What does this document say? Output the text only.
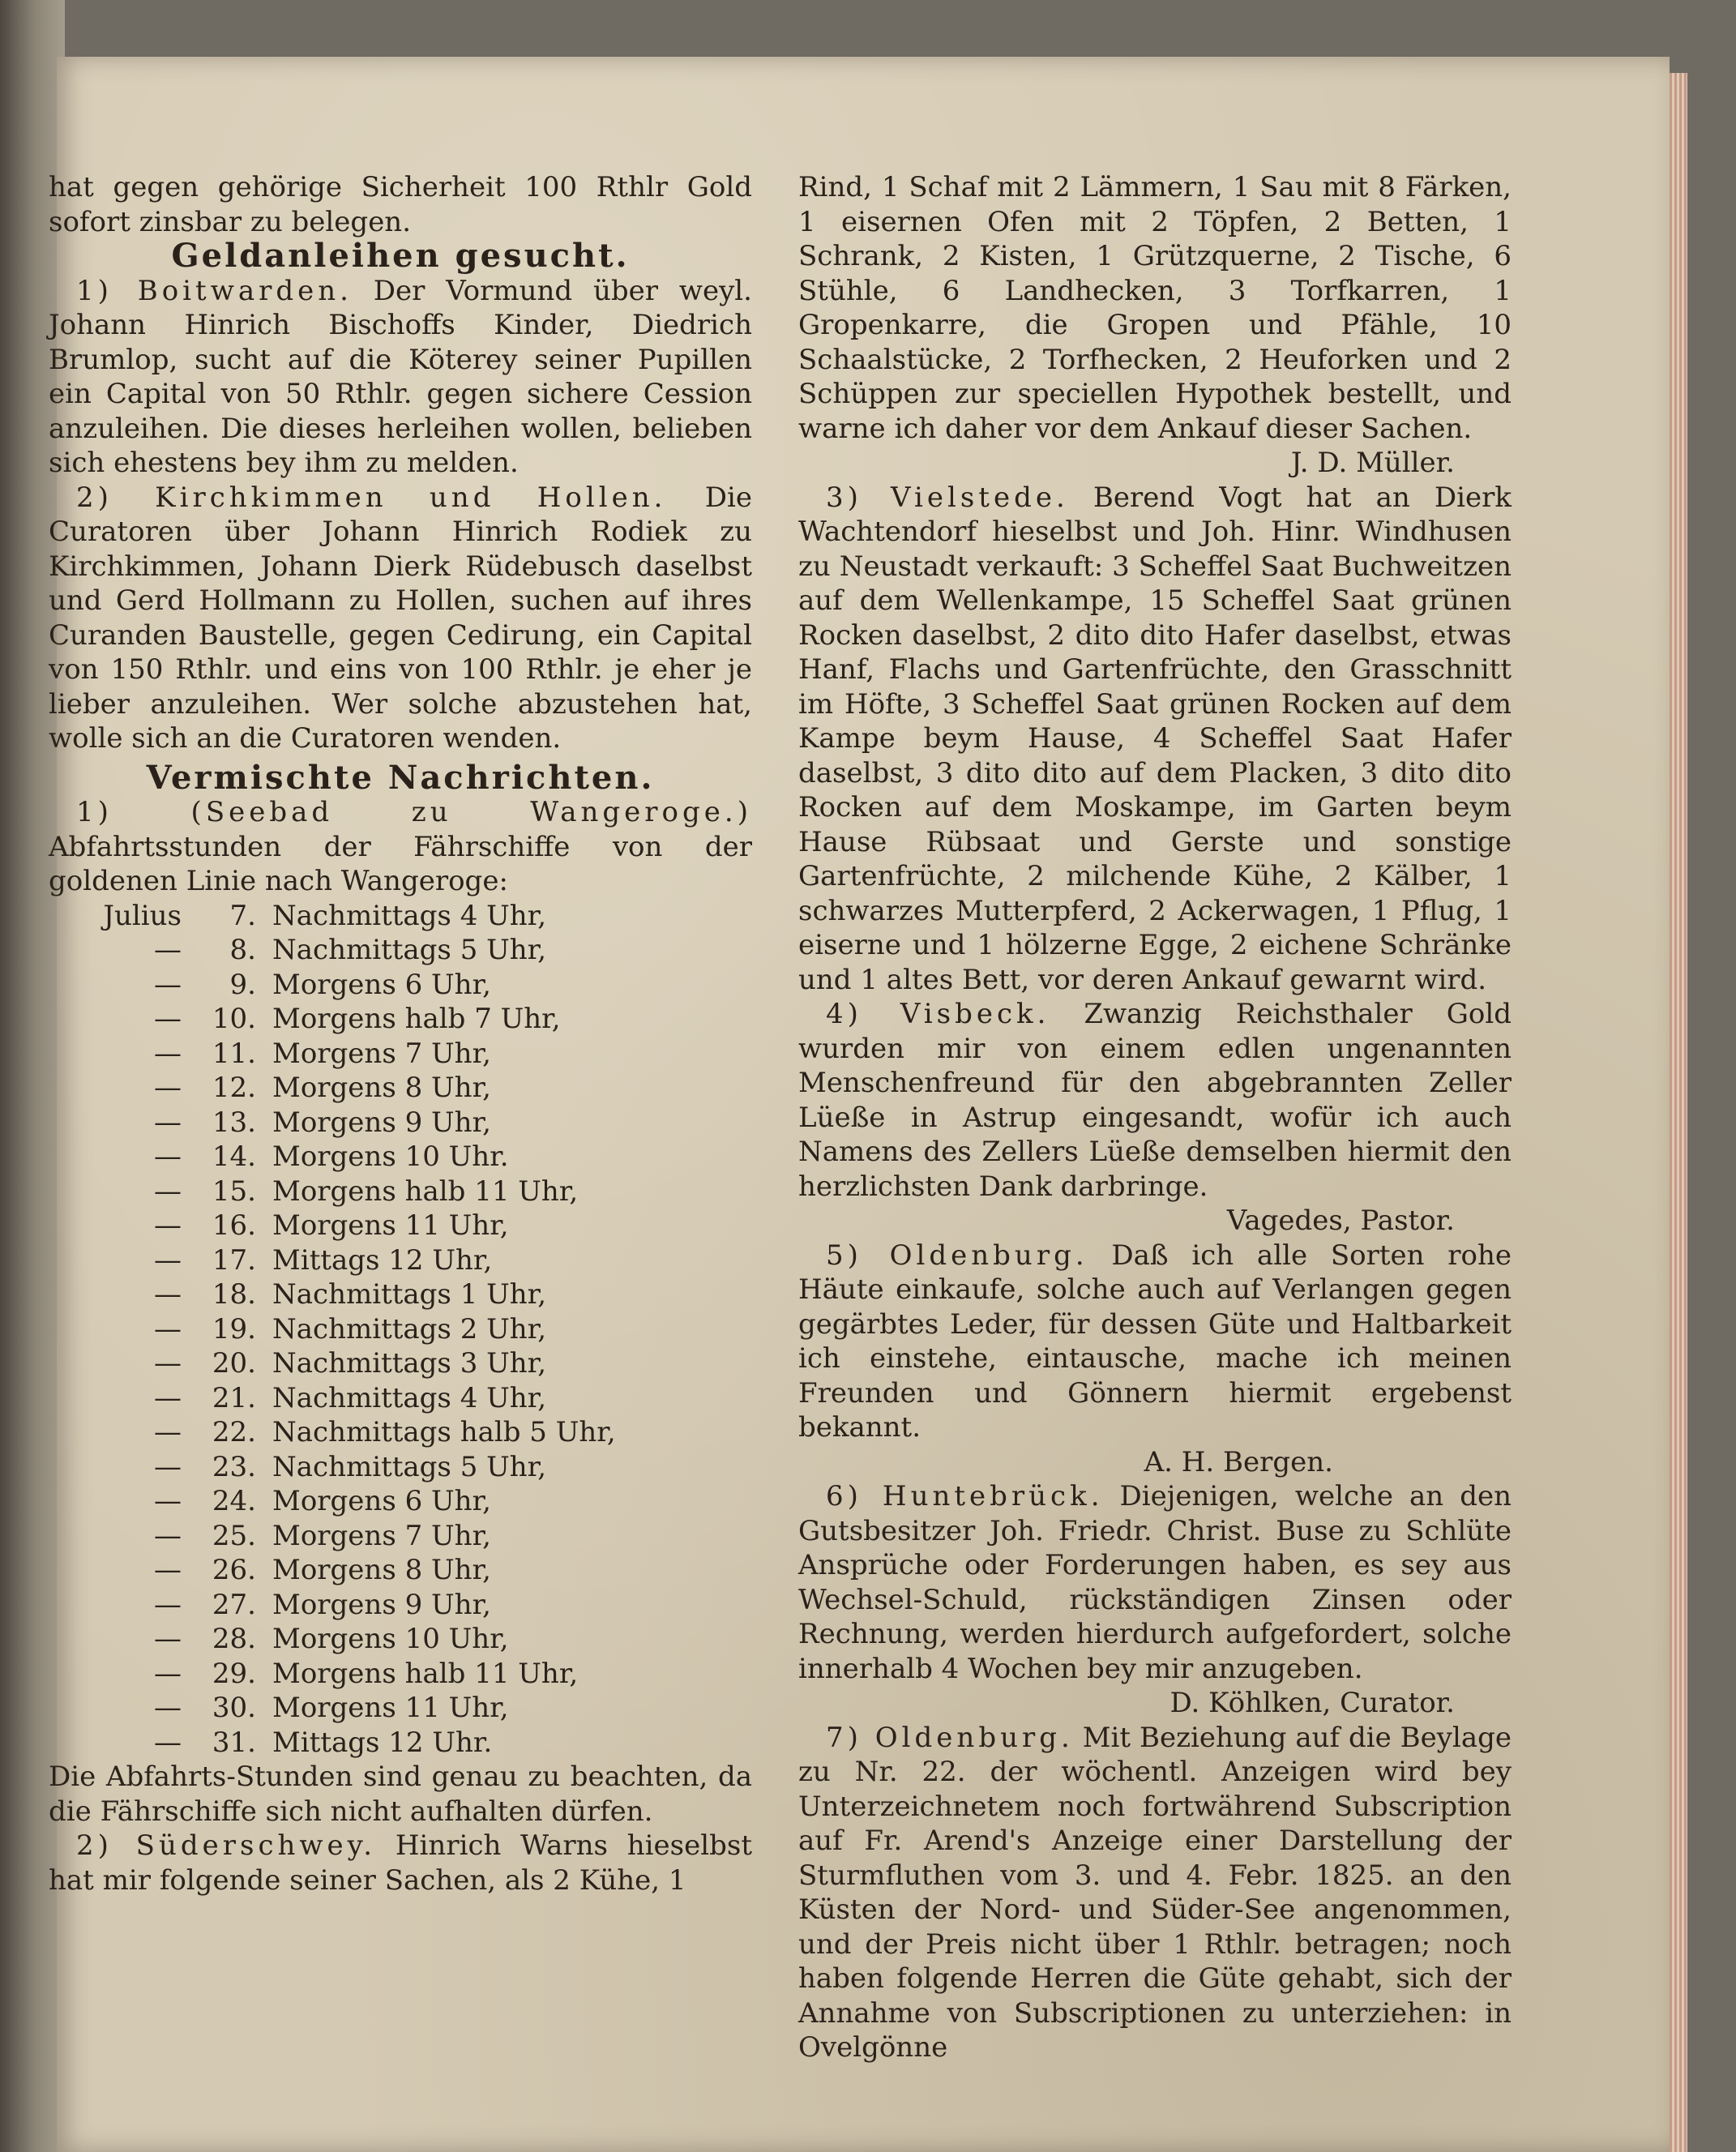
hat gegen gehörige Sicherheit 100 Rthlr Gold sofort zinsbar zu belegen.

Geldanleihen gesucht.

1) Boitwarden. Der Vormund über weyl. Johann Hinrich Bischoffs Kinder, Diedrich Brumlop, sucht auf die Köterey seiner Pupillen ein Capital von 50 Rthlr. gegen sichere Cession anzuleihen. Die dieses herleihen wollen, belieben sich ehestens bey ihm zu melden.

2) Kirchkimmen und Hollen. Die Curatoren über Johann Hinrich Rodiek zu Kirchkimmen, Johann Dierk Rüdebusch daselbst und Gerd Hollmann zu Hollen, suchen auf ihres Curanden Baustelle, gegen Cedirung, ein Capital von 150 Rthlr. und eins von 100 Rthlr. je eher je lieber anzuleihen. Wer solche abzustehen hat, wolle sich an die Curatoren wenden.

Vermischte Nachrichten.

1) (Seebad zu Wangeroge.) Abfahrtsstunden der Fährschiffe von der goldenen Linie nach Wangeroge:

Julius	7. Nachmittags 4 Uhr,
—	8. Nachmittags 5 Uhr,
—	9. Morgens 6 Uhr,
—	10. Morgens halb 7 Uhr,
—	11. Morgens 7 Uhr,
—	12. Morgens 8 Uhr,
—	13. Morgens 9 Uhr,
—	14. Morgens 10 Uhr.
—	15. Morgens halb 11 Uhr,
—	16. Morgens 11 Uhr,
—	17. Mittags 12 Uhr,
—	18. Nachmittags 1 Uhr,
—	19. Nachmittags 2 Uhr,
—	20. Nachmittags 3 Uhr,
—	21. Nachmittags 4 Uhr,
—	22. Nachmittags halb 5 Uhr,
—	23. Nachmittags 5 Uhr,
—	24. Morgens 6 Uhr,
—	25. Morgens 7 Uhr,
—	26. Morgens 8 Uhr,
—	27. Morgens 9 Uhr,
—	28. Morgens 10 Uhr,
—	29. Morgens halb 11 Uhr,
—	30. Morgens 11 Uhr,
—	31. Mittags 12 Uhr.

Die Abfahrts-Stunden sind genau zu beachten, da die Fährschiffe sich nicht aufhalten dürfen.

2) Süderschwey. Hinrich Warns hieselbst hat mir folgende seiner Sachen, als 2 Kühe, 1

Rind, 1 Schaf mit 2 Lämmern, 1 Sau mit 8 Färken, 1 eisernen Ofen mit 2 Töpfen, 2 Betten, 1 Schrank, 2 Kisten, 1 Grützquerne, 2 Tische, 6 Stühle, 6 Landhecken, 3 Torfkarren, 1 Gropenkarre, die Gropen und Pfähle, 10 Schaalstücke, 2 Torfhecken, 2 Heuforken und 2 Schüppen zur speciellen Hypothek bestellt, und warne ich daher vor dem Ankauf dieser Sachen.

J. D. Müller.

3) Vielstede. Berend Vogt hat an Dierk Wachtendorf hieselbst und Joh. Hinr. Windhusen zu Neustadt verkauft: 3 Scheffel Saat Buchweitzen auf dem Wellenkampe, 15 Scheffel Saat grünen Rocken daselbst, 2 dito dito Hafer daselbst, etwas Hanf, Flachs und Gartenfrüchte, den Grasschnitt im Höfte, 3 Scheffel Saat grünen Rocken auf dem Kampe beym Hause, 4 Scheffel Saat Hafer daselbst, 3 dito dito auf dem Placken, 3 dito dito Rocken auf dem Moskampe, im Garten beym Hause Rübsaat und Gerste und sonstige Gartenfrüchte, 2 milchende Kühe, 2 Kälber, 1 schwarzes Mutterpferd, 2 Ackerwagen, 1 Pflug, 1 eiserne und 1 hölzerne Egge, 2 eichene Schränke und 1 altes Bett, vor deren Ankauf gewarnt wird.

4) Visbeck. Zwanzig Reichsthaler Gold wurden mir von einem edlen ungenannten Menschenfreund für den abgebrannten Zeller Lüeße in Astrup eingesandt, wofür ich auch Namens des Zellers Lüeße demselben hiermit den herzlichsten Dank darbringe.

Vagedes, Pastor.

5) Oldenburg. Daß ich alle Sorten rohe Häute einkaufe, solche auch auf Verlangen gegen gegärbtes Leder, für dessen Güte und Haltbarkeit ich einstehe, eintausche, mache ich meinen Freunden und Gönnern hiermit ergebenst bekannt.

A. H. Bergen.

6) Huntebrück. Diejenigen, welche an den Gutsbesitzer Joh. Friedr. Christ. Buse zu Schlüte Ansprüche oder Forderungen haben, es sey aus Wechsel-Schuld, rückständigen Zinsen oder Rechnung, werden hierdurch aufgefordert, solche innerhalb 4 Wochen bey mir anzugeben.

D. Köhlken, Curator.

7) Oldenburg. Mit Beziehung auf die Beylage zu Nr. 22. der wöchentl. Anzeigen wird bey Unterzeichnetem noch fortwährend Subscription auf Fr. Arend's Anzeige einer Darstellung der Sturmfluthen vom 3. und 4. Febr. 1825. an den Küsten der Nord- und Süder-See angenommen, und der Preis nicht über 1 Rthlr. betragen; noch haben folgende Herren die Güte gehabt, sich der Annahme von Subscriptionen zu unterziehen: in Ovelgönne
